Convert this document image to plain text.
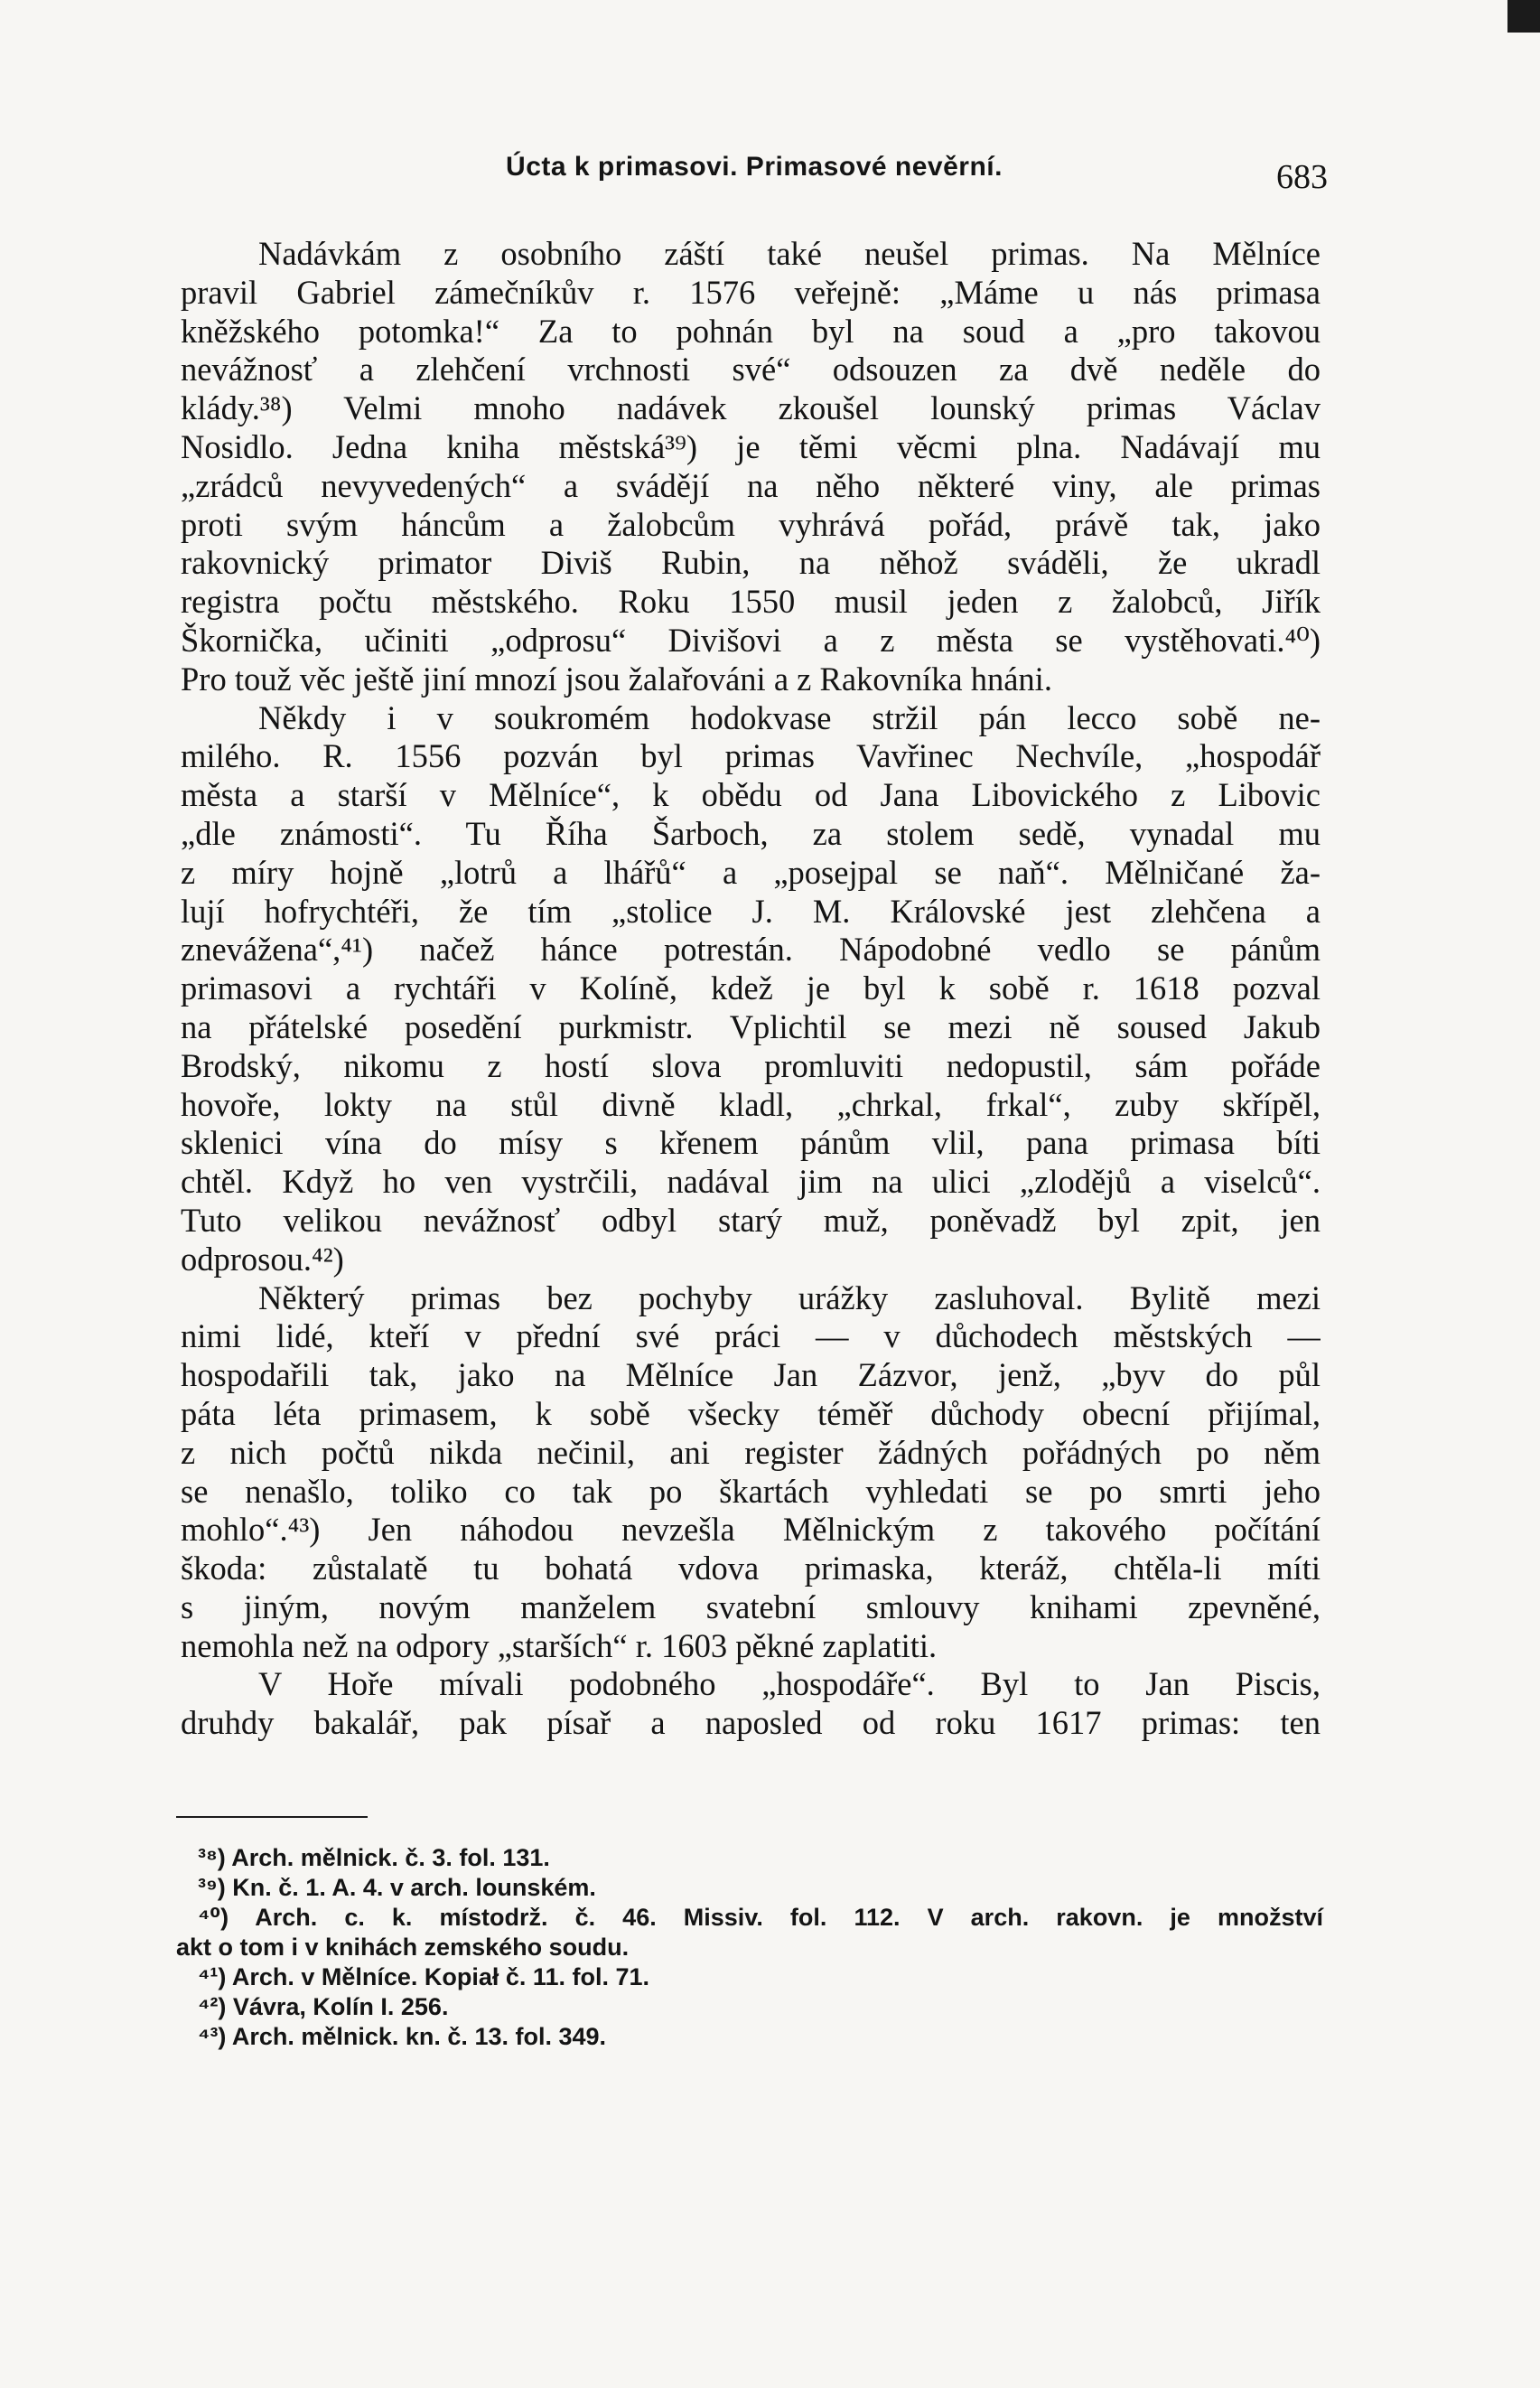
Úcta k primasovi. Primasové nevěrní.	683
Nadávkám z osobního záští také neušel primas. Na Mělníce
pravil Gabriel zámečníkův r. 1576 veřejně: „Máme u nás primasa
kněžského potomka!“ Za to pohnán byl na soud a „pro takovou
nevážnosť a zlehčení vrchnosti své“ odsouzen za dvě neděle do
klády.³⁸) Velmi mnoho nadávek zkoušel lounský primas Václav
Nosidlo. Jedna kniha městská³⁹) je těmi věcmi plna. Nadávají mu
„zrádců nevyvedených“ a svádějí na něho některé viny, ale primas
proti svým háncům a žalobcům vyhrává pořád, právě tak, jako
rakovnický primator Diviš Rubin, na něhož sváděli, že ukradl
registra počtu městského. Roku 1550 musil jeden z žalobců, Jiřík
Škornička, učiniti „odprosu“ Divišovi a z města se vystěhovati.⁴⁰)
Pro touž věc ještě jiní mnozí jsou žalařováni a z Rakovníka hnáni.
Někdy i v soukromém hodokvase stržil pán lecco sobě ne-
milého. R. 1556 pozván byl primas Vavřinec Nechvíle, „hospodář
města a starší v Mělníce“, k obědu od Jana Libovického z Libovic
„dle známosti“. Tu Říha Šarboch, za stolem sedě, vynadal mu
z míry hojně „lotrů a lhářů“ a „posejpal se naň“. Mělničané ža-
lují hofrychtéři, že tím „stolice J. M. Královské jest zlehčena a
zneváženа“,⁴¹) načež hánce potrestán. Nápodobné vedlo se pánům
primasovi a rychtáři v Kolíně, kdež je byl k sobě r. 1618 pozval
na přátelské posedění purkmistr. Vplichtil se mezi ně soused Jakub
Brodský, nikomu z hostí slova promluviti nedopustil, sám pořáde
hovoře, lokty na stůl divně kladl, „chrkal, frkal“, zuby skřípěl,
sklenici vína do mísy s křenem pánům vlil, pana primasa bíti
chtěl. Když ho ven vystrčili, nadával jim na ulici „zlodějů a viselců“.
Tuto velikou nevážnosť odbyl starý muž, poněvadž byl zpit, jen
odprosou.⁴²)
Některý primas bez pochyby urážky zasluhoval. Bylitě mezi
nimi lidé, kteří v přední své práci — v důchodech městských —
hospodařili tak, jako na Mělníce Jan Zázvor, jenž, „byv do půl
páta léta primasem, k sobě všecky téměř důchody obecní přijímal,
z nich počtů nikda nečinil, ani register žádných pořádných po něm
se nenašlo, toliko co tak po škartách vyhledati se po smrti jeho
mohlo“.⁴³) Jen náhodou nevzešla Mělnickým z takového počítání
škoda: zůstalatě tu bohatá vdova primaska, kteráž, chtěla-li míti
s jiným, novým manželem svatební smlouvy knihami zpevněné,
nemohla než na odpory „starších“ r. 1603 pěkné zaplatiti.
V Hoře mívali podobného „hospodáře“. Byl to Jan Piscis,
druhdy bakalář, pak písař a naposled od roku 1617 primas: ten
³⁸) Arch. mělnick. č. 3. fol. 131.
³⁹) Kn. č. 1. A. 4. v arch. lounském.
⁴⁰) Arch. c. k. místodrž. č. 46. Missiv. fol. 112. V arch. rakovn. je množství
akt o tom i v knihách zemského soudu.
⁴¹) Arch. v Mělníce. Kopiał č. 11. fol. 71.
⁴²) Vávra, Kolín I. 256.
⁴³) Arch. mělnick. kn. č. 13. fol. 349.
